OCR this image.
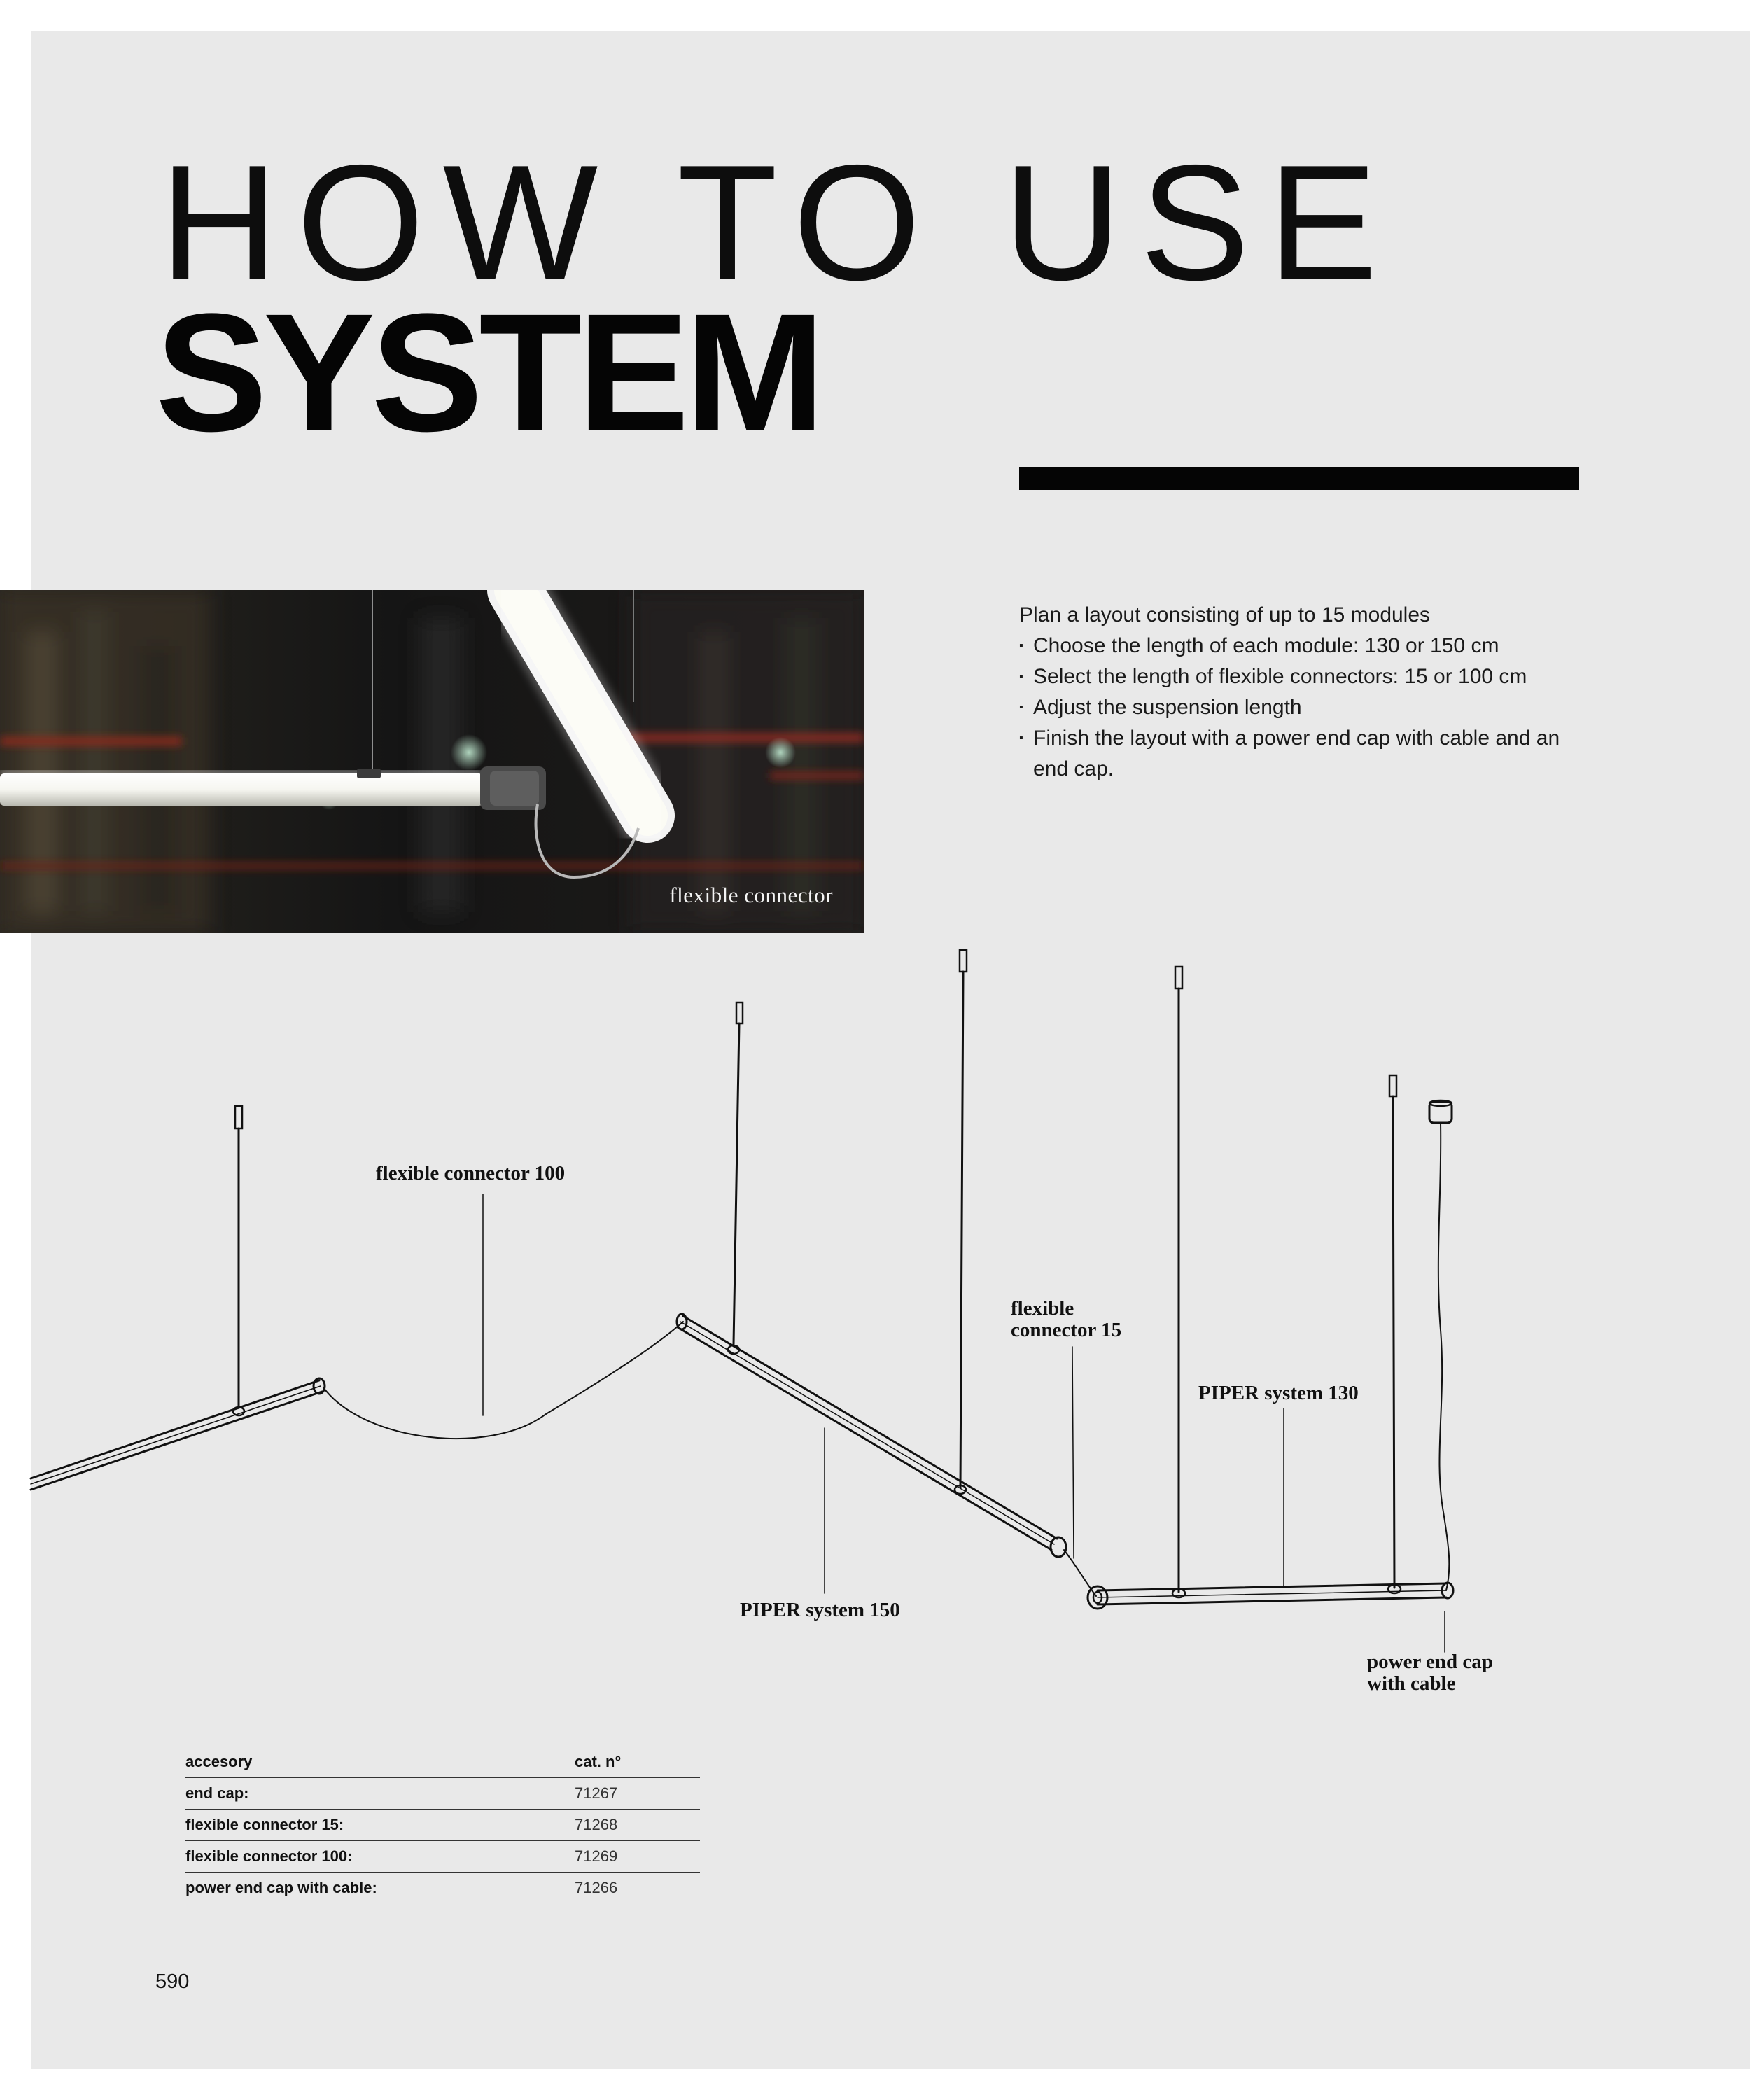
HOW TO USE
SYSTEM
Plan a layout consisting of up to 15 modules
▪ Choose the length of each module: 130 or 150 cm
▪ Select the length of flexible connectors: 15 or 100 cm
▪ Adjust the suspension length
▪ Finish the layout with a power end cap with cable and an end cap.
flexible connector
flexible connector 100
flexible
connector 15
PIPER system 130
PIPER system 150
power end cap
with cable
accesory	cat. n°
end cap:	71267
flexible connector 15:	71268
flexible connector 100:	71269
power end cap with cable:	71266
590
